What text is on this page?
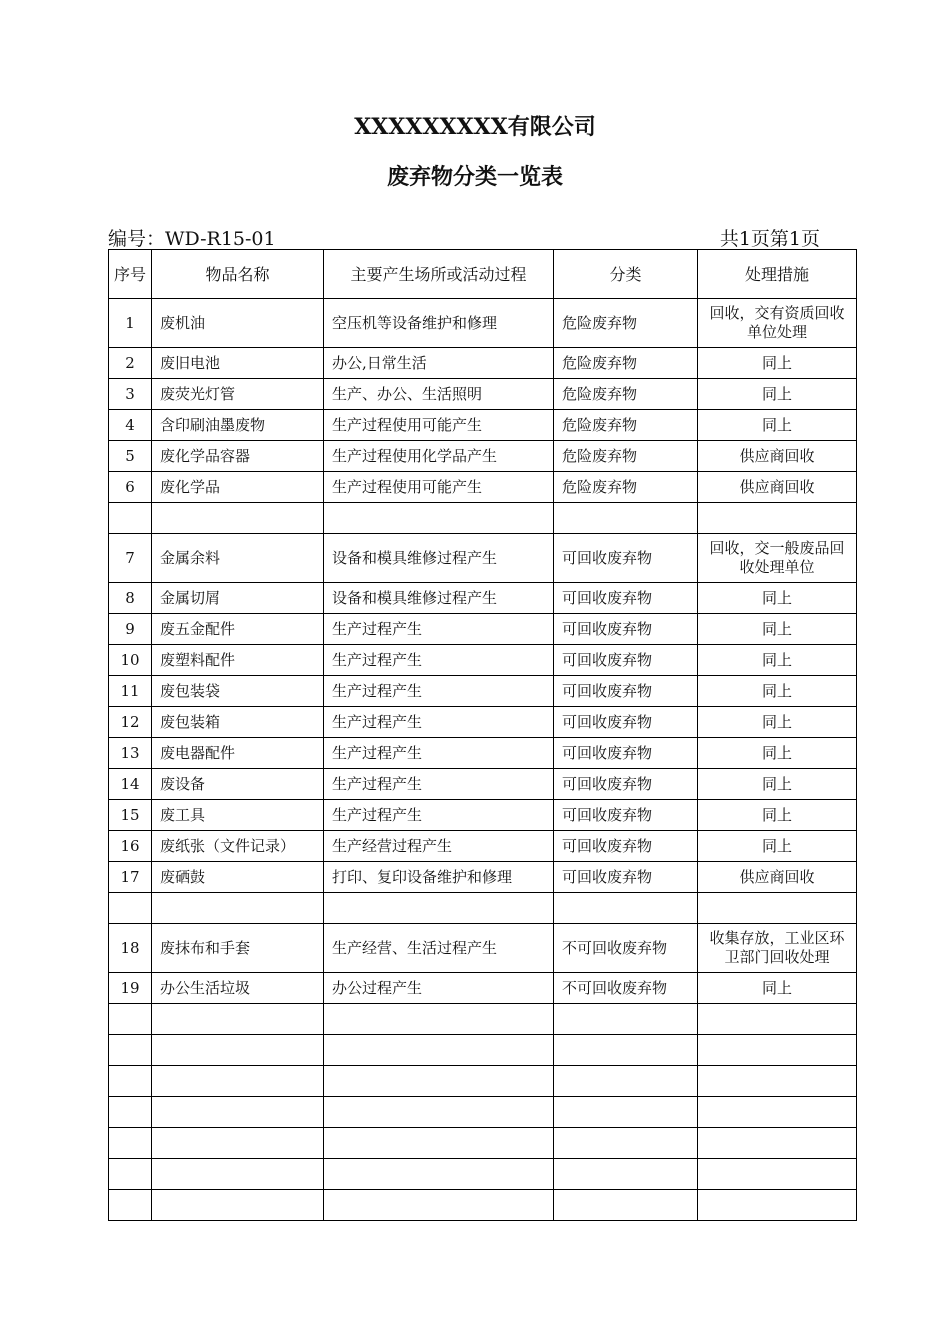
XXXXXXXXX有限公司
废弃物分类一览表
编号：WD-R15-01	共1页第1页
序号	物品名称	主要产生场所或活动过程	分类	处理措施
1	废机油	空压机等设备维护和修理	危险废弃物	回收，交有资质回收单位处理
2	废旧电池	办公,日常生活	危险废弃物	同上
3	废荧光灯管	生产、办公、生活照明	危险废弃物	同上
4	含印刷油墨废物	生产过程使用可能产生	危险废弃物	同上
5	废化学品容器	生产过程使用化学品产生	危险废弃物	供应商回收
6	废化学品	生产过程使用可能产生	危险废弃物	供应商回收

7	金属余料	设备和模具维修过程产生	可回收废弃物	回收，交一般废品回收处理单位
8	金属切屑	设备和模具维修过程产生	可回收废弃物	同上
9	废五金配件	生产过程产生	可回收废弃物	同上
10	废塑料配件	生产过程产生	可回收废弃物	同上
11	废包装袋	生产过程产生	可回收废弃物	同上
12	废包装箱	生产过程产生	可回收废弃物	同上
13	废电器配件	生产过程产生	可回收废弃物	同上
14	废设备	生产过程产生	可回收废弃物	同上
15	废工具	生产过程产生	可回收废弃物	同上
16	废纸张（文件记录）	生产经营过程产生	可回收废弃物	同上
17	废硒鼓	打印、复印设备维护和修理	可回收废弃物	供应商回收

18	废抹布和手套	生产经营、生活过程产生	不可回收废弃物	收集存放，工业区环卫部门回收处理
19	办公生活垃圾	办公过程产生	不可回收废弃物	同上
